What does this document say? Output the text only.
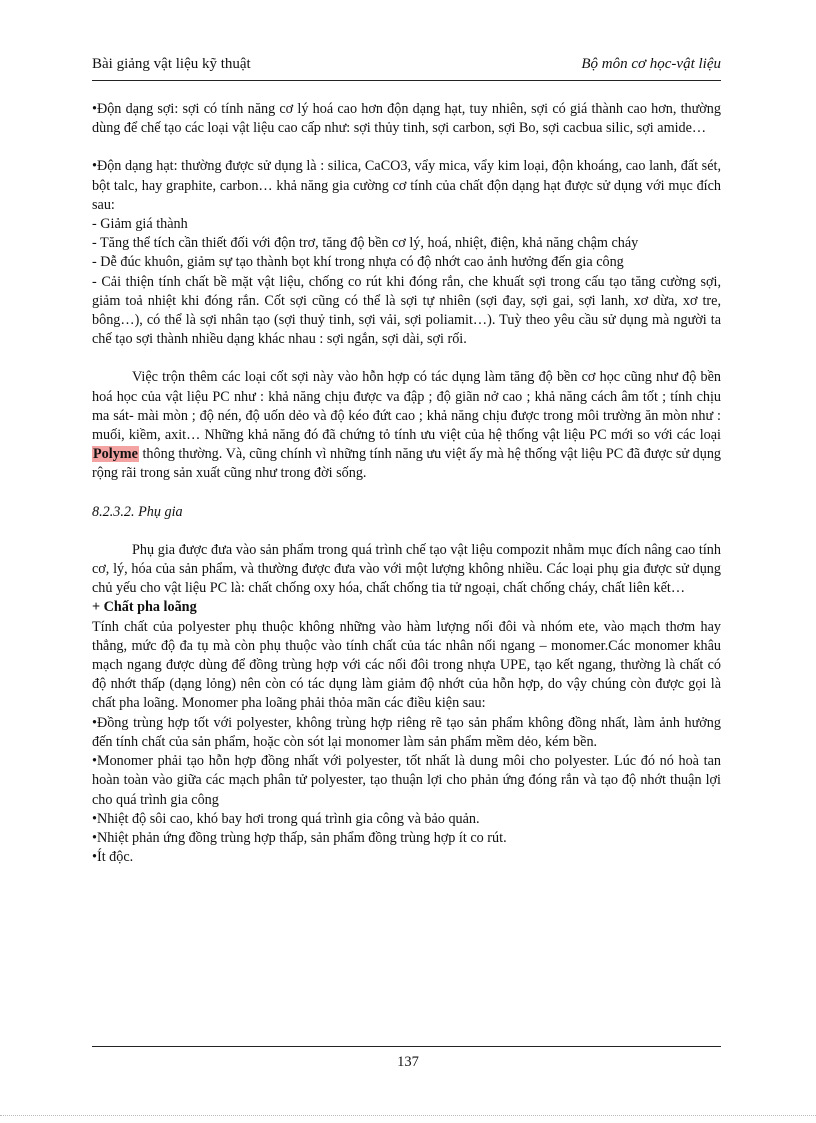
Bài giảng vật liệu kỹ thuật	Bộ môn cơ học-vật liệu

•Độn dạng sợi: sợi có tính năng cơ lý hoá cao hơn độn dạng hạt, tuy nhiên, sợi có giá thành cao hơn, thường dùng để chế tạo các loại vật liệu cao cấp như: sợi thủy tinh, sợi carbon, sợi Bo, sợi cacbua silic, sợi amide…

•Độn dạng hạt: thường được sử dụng là : silica, CaCO3, vẩy mica, vẩy kim loại, độn khoáng, cao lanh, đất sét, bột talc, hay graphite, carbon… khả năng gia cường cơ tính của chất độn dạng hạt được sử dụng với mục đích sau:

- Giảm giá thành

- Tăng thể tích cần thiết đối với độn trơ, tăng độ bền cơ lý, hoá, nhiệt, điện, khả năng chậm cháy

- Dễ đúc khuôn, giảm sự tạo thành bọt khí trong nhựa có độ nhớt cao ảnh hưởng đến gia công

- Cải thiện tính chất bề mặt vật liệu, chống co rút khi đóng rắn, che khuất sợi trong cấu tạo tăng cường sợi, giảm toả nhiệt khi đóng rắn. Cốt sợi cũng có thể là sợi tự nhiên (sợi đay, sợi gai, sợi lanh, xơ dừa, xơ tre, bông…), có thể là sợi nhân tạo (sợi thuỷ tinh, sợi vải, sợi poliamit…). Tuỳ theo yêu cầu sử dụng mà người ta chế tạo sợi thành nhiều dạng khác nhau : sợi ngắn, sợi dài, sợi rối.

Việc trộn thêm các loại cốt sợi này vào hỗn hợp có tác dụng làm tăng độ bền cơ học cũng như độ bền hoá học của vật liệu PC như : khả năng chịu được va đập ; độ giãn nở cao ; khả năng cách âm tốt ; tính chịu ma sát- mài mòn ; độ nén, độ uốn dẻo và độ kéo đứt cao ; khả năng chịu được trong môi trường ăn mòn như : muối, kiềm, axit… Những khả năng đó đã chứng tỏ tính ưu việt của hệ thống vật liệu PC mới so với các loại Polyme thông thường. Và, cũng chính vì những tính năng ưu việt ấy mà hệ thống vật liệu PC đã được sử dụng rộng rãi trong sản xuất cũng như trong đời sống.

8.2.3.2. Phụ gia

Phụ gia được đưa vào sản phẩm trong quá trình chế tạo vật liệu compozit nhằm mục đích nâng cao tính cơ, lý, hóa của sản phẩm, và thường được đưa vào với một lượng không nhiều. Các loại phụ gia được sử dụng chủ yếu cho vật liệu PC là: chất chống oxy hóa, chất chống tia tử ngoại, chất chống cháy, chất liên kết…

+ Chất pha loãng

Tính chất của polyester phụ thuộc không những vào hàm lượng nối đôi và nhóm ete, vào mạch thơm hay thẳng, mức độ đa tụ mà còn phụ thuộc vào tính chất của tác nhân nối ngang – monomer.Các monomer khâu mạch ngang được dùng để đồng trùng hợp với các nối đôi trong nhựa UPE, tạo kết ngang, thường là chất có độ nhớt thấp (dạng lỏng) nên còn có tác dụng làm giảm độ nhớt của hỗn hợp, do vậy chúng còn được gọi là chất pha loãng. Monomer pha loãng phải thỏa mãn các điều kiện sau:

•Đồng trùng hợp tốt với polyester, không trùng hợp riêng rẽ tạo sản phẩm không đồng nhất, làm ảnh hưởng đến tính chất của sản phẩm, hoặc còn sót lại monomer làm sản phẩm mềm dẻo, kém bền.

•Monomer phải tạo hỗn hợp đồng nhất với polyester, tốt nhất là dung môi cho polyester. Lúc đó nó hoà tan hoàn toàn vào giữa các mạch phân tử polyester, tạo thuận lợi cho phản ứng đóng rắn và tạo độ nhớt thuận lợi cho quá trình gia công

•Nhiệt độ sôi cao, khó bay hơi trong quá trình gia công và bảo quản.

•Nhiệt phản ứng đồng trùng hợp thấp, sản phẩm đồng trùng hợp ít co rút.

•Ít độc.

137
